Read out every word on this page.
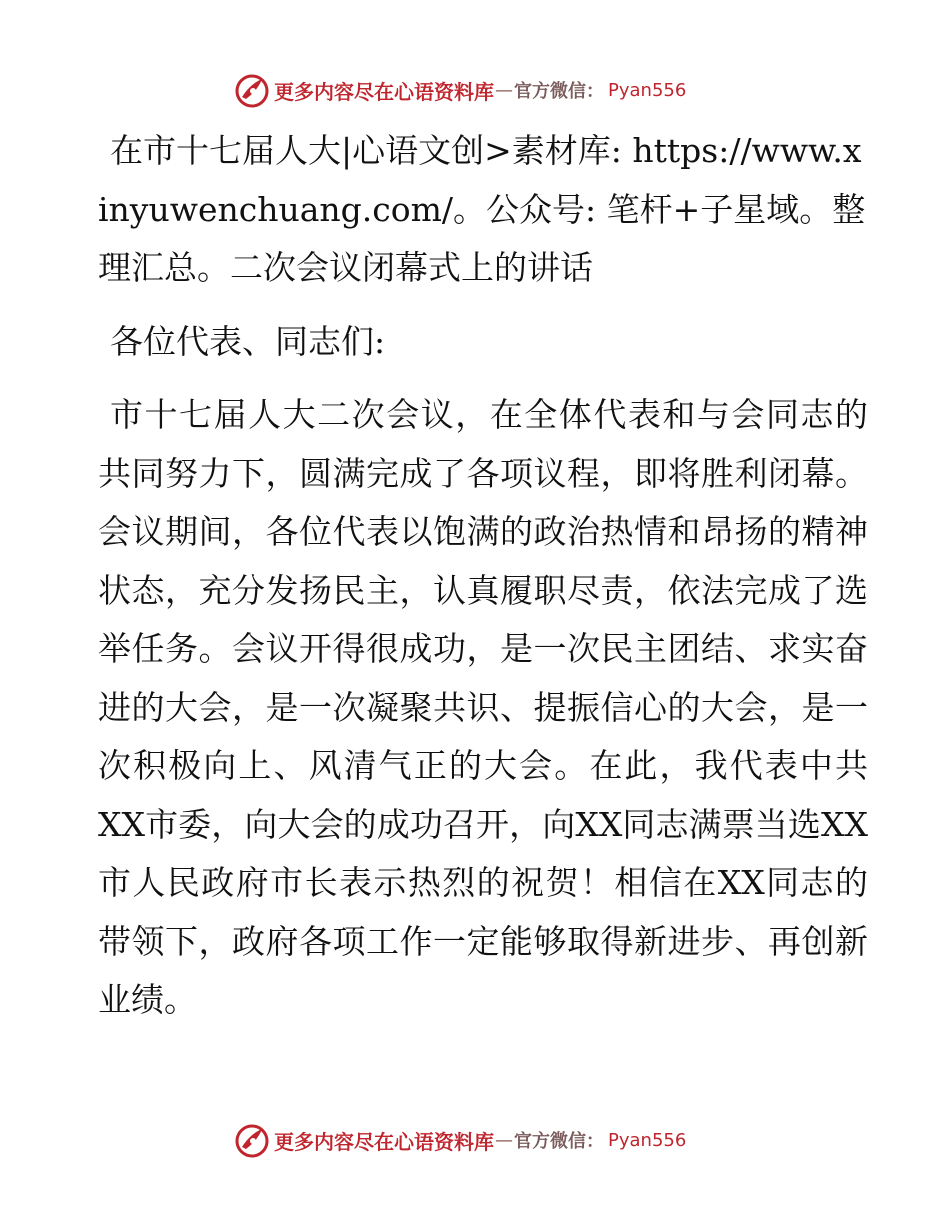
更多内容尽在心语资料库 — 官方微信： Pyan556

在市十七届人大|心语文创>素材库: https://www.xinyuwenchuang.com/。公众号: 笔杆+子星域。整理汇总。二次会议闭幕式上的讲话

各位代表、同志们:

市十七届人大二次会议，在全体代表和与会同志的共同努力下，圆满完成了各项议程，即将胜利闭幕。会议期间，各位代表以饱满的政治热情和昂扬的精神状态，充分发扬民主，认真履职尽责，依法完成了选举任务。会议开得很成功，是一次民主团结、求实奋进的大会，是一次凝聚共识、提振信心的大会，是一次积极向上、风清气正的大会。在此，我代表中共XX市委，向大会的成功召开，向XX同志满票当选XX市人民政府市长表示热烈的祝贺！相信在XX同志的带领下，政府各项工作一定能够取得新进步、再创新业绩。

更多内容尽在心语资料库 — 官方微信： Pyan556
